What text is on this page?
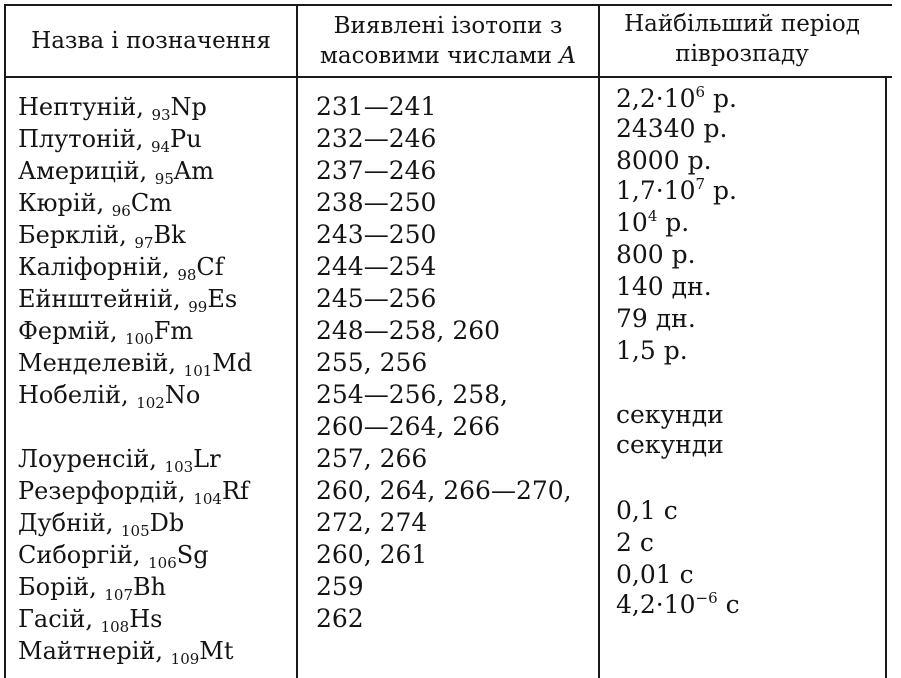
Назва і позначення
Виявлені ізотопи з
масовими числами A
Найбільший період
піврозпаду
Нептуній, $_{93}$Np
Плутоній, $_{94}$Pu
Америцій, $_{95}$Am
Кюрій, $_{96}$Cm
Берклій, $_{97}$Bk
Каліфорній, $_{98}$Cf
Ейнштейній, $_{99}$Es
Фермій, $_{100}$Fm
Менделевій, $_{101}$Md
Нобелій, $_{102}$No
Лоуренсій, $_{103}$Lr
Резерфордій, $_{104}$Rf
Дубній, $_{105}$Db
Сиборгій, $_{106}$Sg
Борій, $_{107}$Bh
Гасій, $_{108}$Hs
Майтнерій, $_{109}$Mt
231—241
232—246
237—246
238—250
243—250
244—254
245—256
248—258, 260
255, 256
254—256, 258,
260—264, 266
257, 266
260, 264, 266—270,
272, 274
260, 261
259
262
$2,2\cdot 10^6$ р.
24340 р.
8000 р.
$1,7\cdot 10^7$ р.
$10^4$ р.
800 р.
140 дн.
79 дн.
1,5 р.
секунди
секунди
0,1 с
2 с
0,01 с
$4,2\cdot 10^{-6}$ с
